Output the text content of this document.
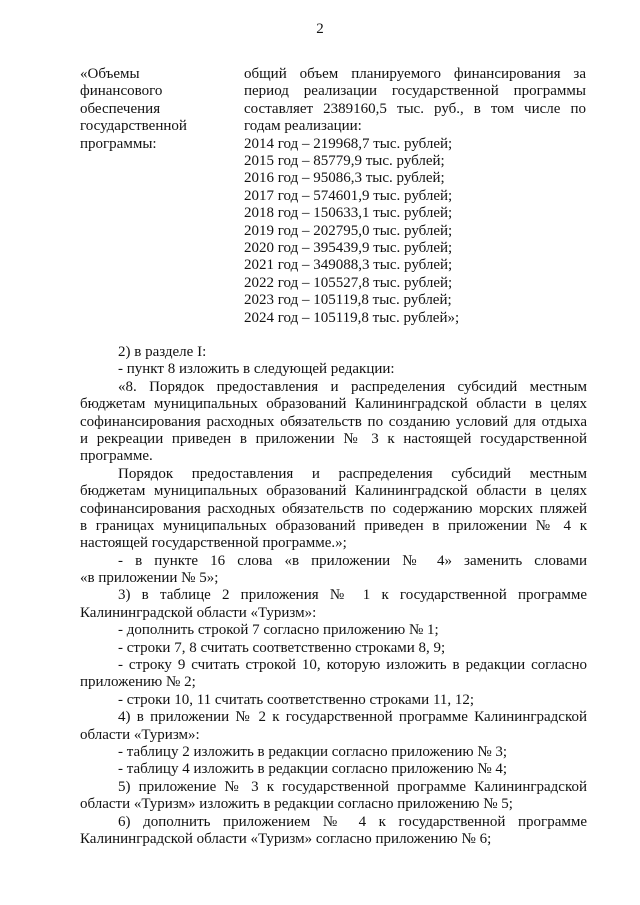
2
«Объемы
финансового
обеспечения
государственной
программы:
общий объем планируемого финансирования за
период реализации государственной программы
составляет 2389160,5 тыс. руб., в том числе по
годам реализации:
2014 год – 219968,7 тыс. рублей;
2015 год – 85779,9 тыс. рублей;
2016 год – 95086,3 тыс. рублей;
2017 год – 574601,9 тыс. рублей;
2018 год – 150633,1 тыс. рублей;
2019 год – 202795,0 тыс. рублей;
2020 год – 395439,9 тыс. рублей;
2021 год – 349088,3 тыс. рублей;
2022 год – 105527,8 тыс. рублей;
2023 год – 105119,8 тыс. рублей;
2024 год – 105119,8 тыс. рублей»;
2) в разделе I:
- пункт 8 изложить в следующей редакции:
«8. Порядок предоставления и распределения субсидий местным
бюджетам муниципальных образований Калининградской области в целях
софинансирования расходных обязательств по созданию условий для отдыха
и рекреации приведен в приложении № 3 к настоящей государственной
программе.
Порядок предоставления и распределения субсидий местным
бюджетам муниципальных образований Калининградской области в целях
софинансирования расходных обязательств по содержанию морских пляжей
в границах муниципальных образований приведен в приложении № 4 к
настоящей государственной программе.»;
- в пункте 16 слова «в приложении № 4» заменить словами
«в приложении № 5»;
3) в таблице 2 приложения № 1 к государственной программе
Калининградской области «Туризм»:
- дополнить строкой 7 согласно приложению № 1;
- строки 7, 8 считать соответственно строками 8, 9;
- строку 9 считать строкой 10, которую изложить в редакции согласно
приложению № 2;
- строки 10, 11 считать соответственно строками 11, 12;
4) в приложении № 2 к государственной программе Калининградской
области «Туризм»:
- таблицу 2 изложить в редакции согласно приложению № 3;
- таблицу 4 изложить в редакции согласно приложению № 4;
5) приложение № 3 к государственной программе Калининградской
области «Туризм» изложить в редакции согласно приложению № 5;
6) дополнить приложением № 4 к государственной программе
Калининградской области «Туризм» согласно приложению № 6;
